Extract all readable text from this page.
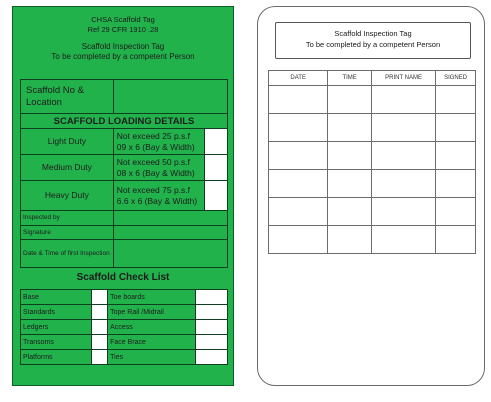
CHSA Scaffold Tag
Ref 29 CFR 1910 .28
Scaffold Inspection Tag
To be completed by a competent Person
Scaffold No & Location		
SCAFFOLD LOADING DETAILS		
Light Duty	Not exceed 25 p.s.f
09 x 6 (Bay & Width)	

Medium Duty	Not exceed 50 p.s.f
08 x 6 (Bay & Width)	

Heavy Duty	Not exceed 75 p.s.f
6.6 x 6 (Bay & Width)	

Inspected by		
Signature		
Date & Time of first Inspection		
Scaffold Check List
Base		Toe boards	
Standards		Tope Rail /Midrail	
Ledgers		Access	
Transoms		Face Brace	
Platforms		Ties	
Scaffold Inspection Tag
To be completed by a competent Person
DATE	TIME	PRINT NAME	SIGNED
